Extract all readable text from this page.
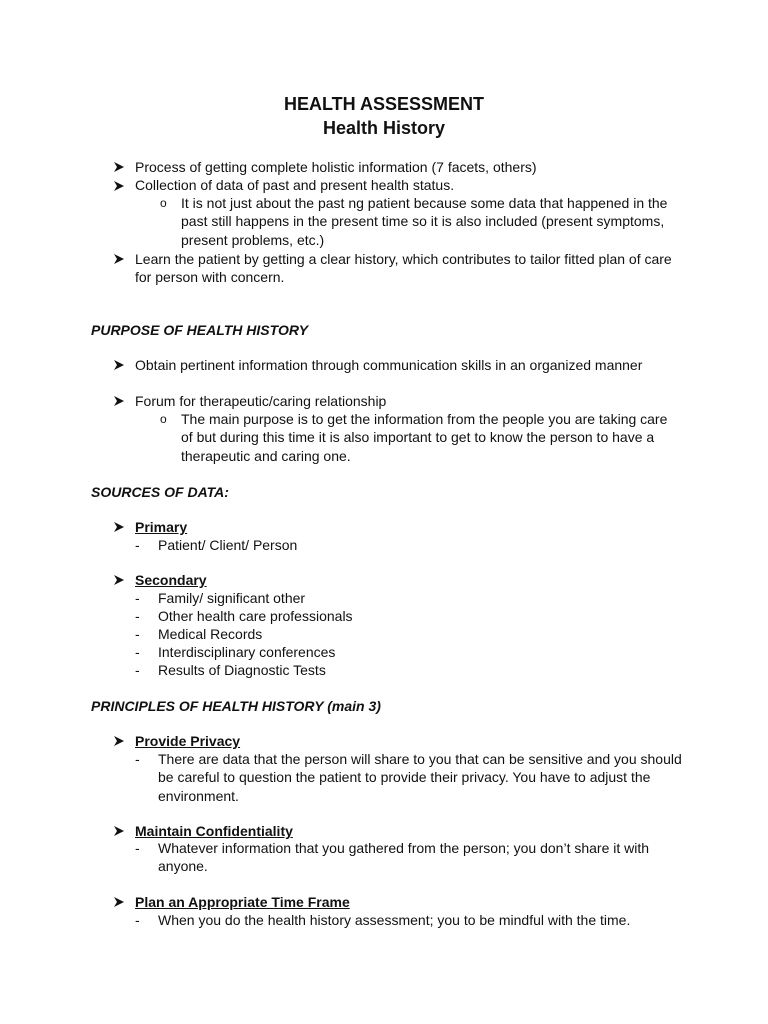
HEALTH ASSESSMENT
Health History
Process of getting complete holistic information (7 facets, others)
Collection of data of past and present health status.
o It is not just about the past ng patient because some data that happened in the past still happens in the present time so it is also included (present symptoms, present problems, etc.)
Learn the patient by getting a clear history, which contributes to tailor fitted plan of care for person with concern.
PURPOSE OF HEALTH HISTORY
Obtain pertinent information through communication skills in an organized manner
Forum for therapeutic/caring relationship
o The main purpose is to get the information from the people you are taking care of but during this time it is also important to get to know the person to have a therapeutic and caring one.
SOURCES OF DATA:
Primary
- Patient/ Client/ Person
Secondary
- Family/ significant other
- Other health care professionals
- Medical Records
- Interdisciplinary conferences
- Results of Diagnostic Tests
PRINCIPLES OF HEALTH HISTORY (main 3)
Provide Privacy
- There are data that the person will share to you that can be sensitive and you should be careful to question the patient to provide their privacy. You have to adjust the environment.
Maintain Confidentiality
- Whatever information that you gathered from the person; you don’t share it with anyone.
Plan an Appropriate Time Frame
- When you do the health history assessment; you to be mindful with the time.
